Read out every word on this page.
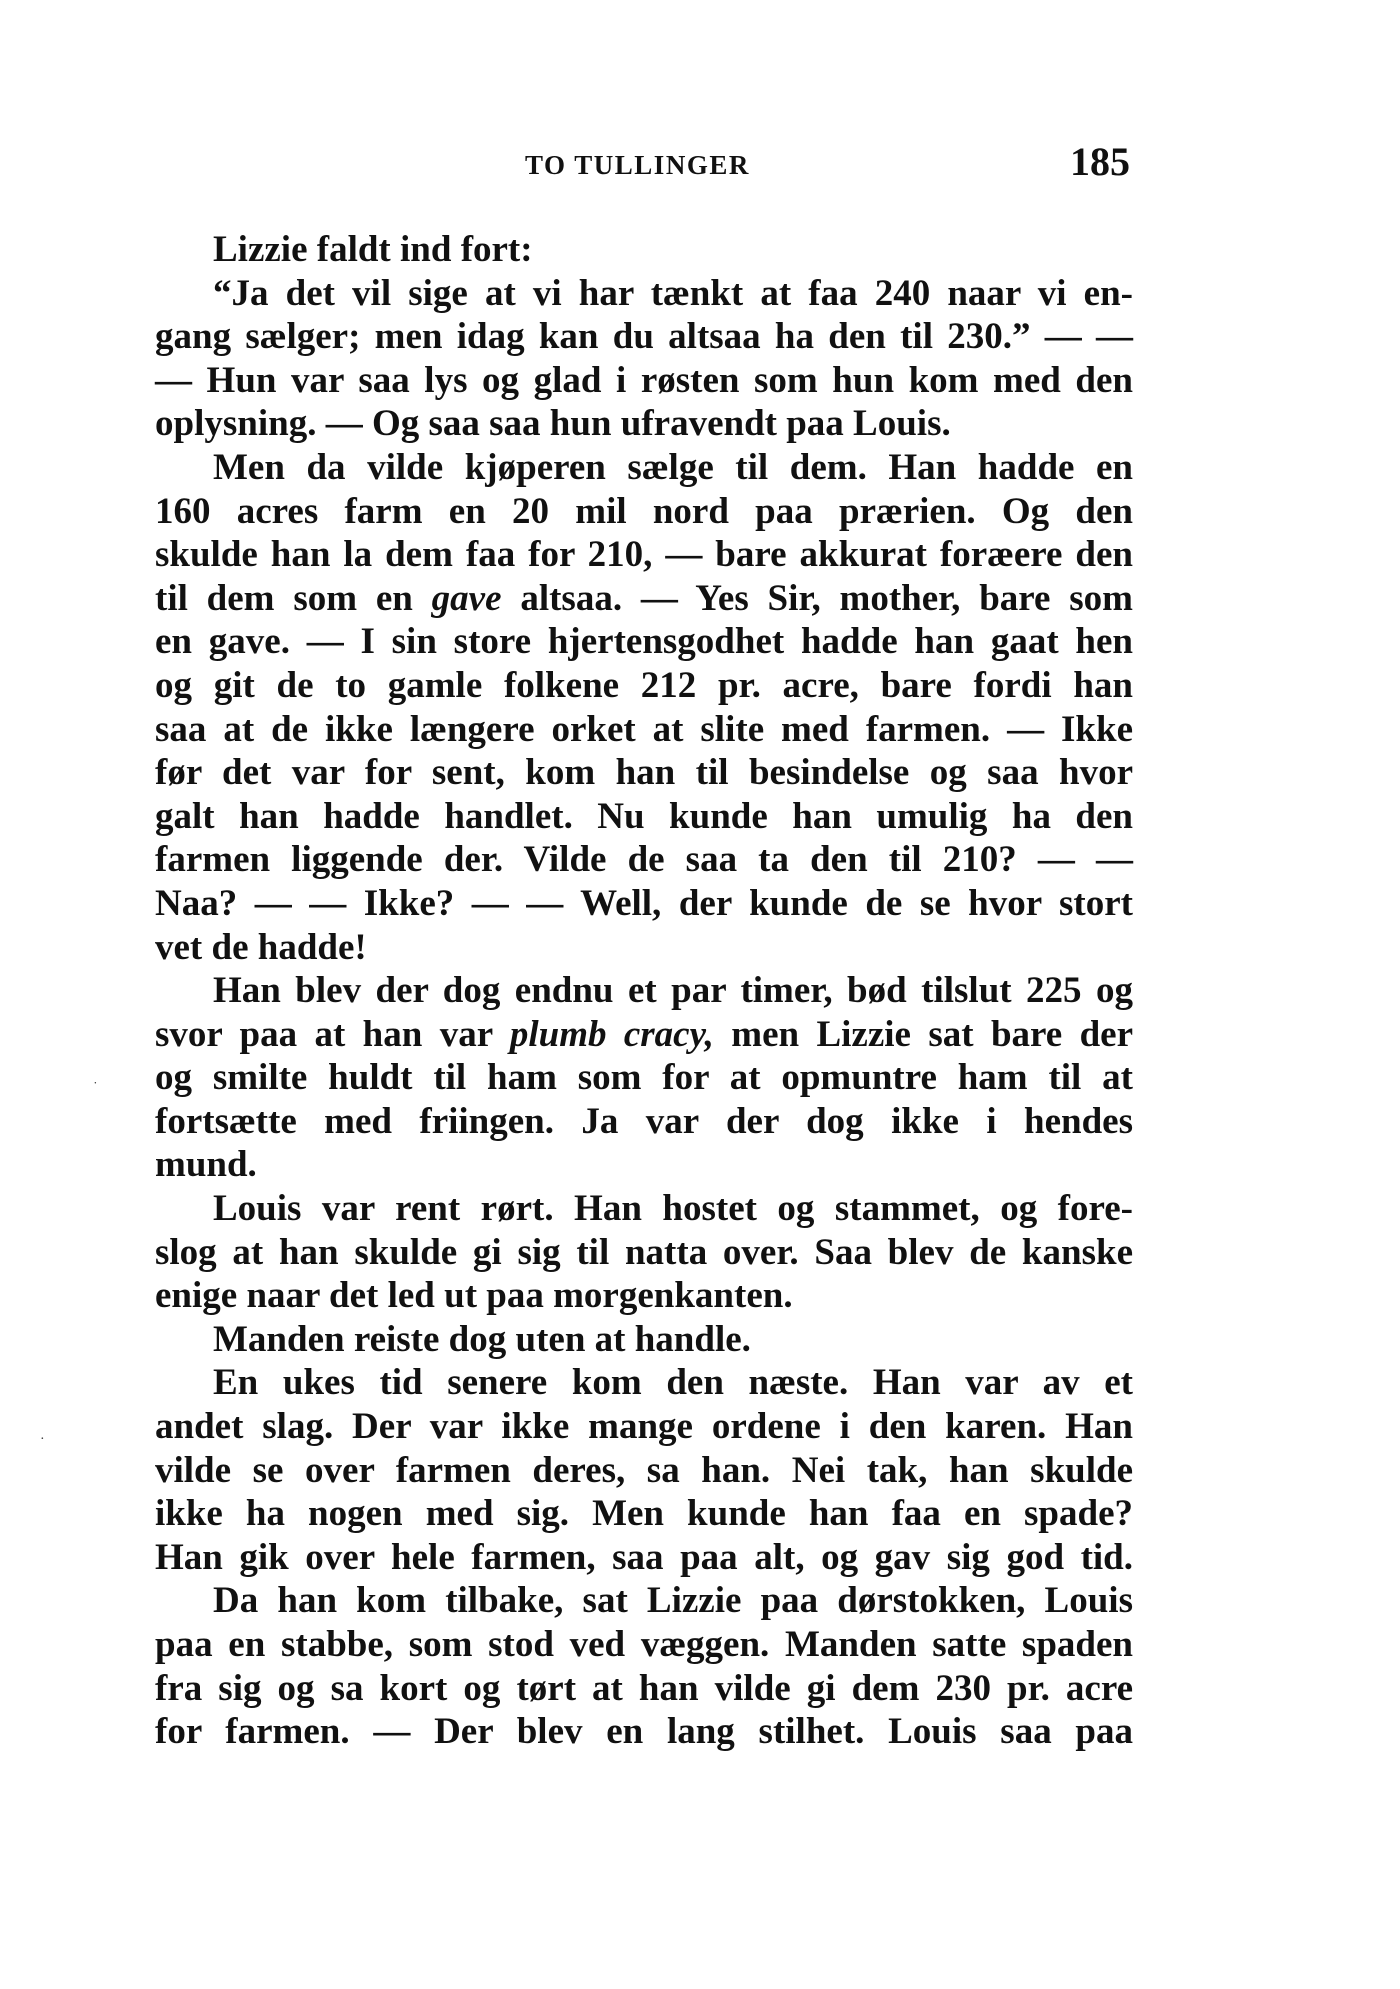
TO TULLINGER	185
Lizzie faldt ind fort:
“Ja det vil sige at vi har tænkt at faa 240 naar vi en-
gang sælger; men idag kan du altsaa ha den til 230.” — —
— Hun var saa lys og glad i røsten som hun kom med den
oplysning. — Og saa saa hun ufravendt paa Louis.
Men da vilde kjøperen sælge til dem. Han hadde en
160 acres farm en 20 mil nord paa prærien. Og den
skulde han la dem faa for 210, — bare akkurat foræere den
til dem som en gave altsaa. — Yes Sir, mother, bare som
en gave. — I sin store hjertensgodhet hadde han gaat hen
og git de to gamle folkene 212 pr. acre, bare fordi han
saa at de ikke længere orket at slite med farmen. — Ikke
før det var for sent, kom han til besindelse og saa hvor
galt han hadde handlet. Nu kunde han umulig ha den
farmen liggende der. Vilde de saa ta den til 210? — —
Naa? — — Ikke? — — Well, der kunde de se hvor stort
vet de hadde!
Han blev der dog endnu et par timer, bød tilslut 225 og
svor paa at han var plumb cracy, men Lizzie sat bare der
og smilte huldt til ham som for at opmuntre ham til at
fortsætte med friingen. Ja var der dog ikke i hendes
mund.
Louis var rent rørt. Han hostet og stammet, og fore-
slog at han skulde gi sig til natta over. Saa blev de kanske
enige naar det led ut paa morgenkanten.
Manden reiste dog uten at handle.
En ukes tid senere kom den næste. Han var av et
andet slag. Der var ikke mange ordene i den karen. Han
vilde se over farmen deres, sa han. Nei tak, han skulde
ikke ha nogen med sig. Men kunde han faa en spade?
Han gik over hele farmen, saa paa alt, og gav sig god tid.
Da han kom tilbake, sat Lizzie paa dørstokken, Louis
paa en stabbe, som stod ved væggen. Manden satte spaden
fra sig og sa kort og tørt at han vilde gi dem 230 pr. acre
for farmen. — Der blev en lang stilhet. Louis saa paa
˙
·
